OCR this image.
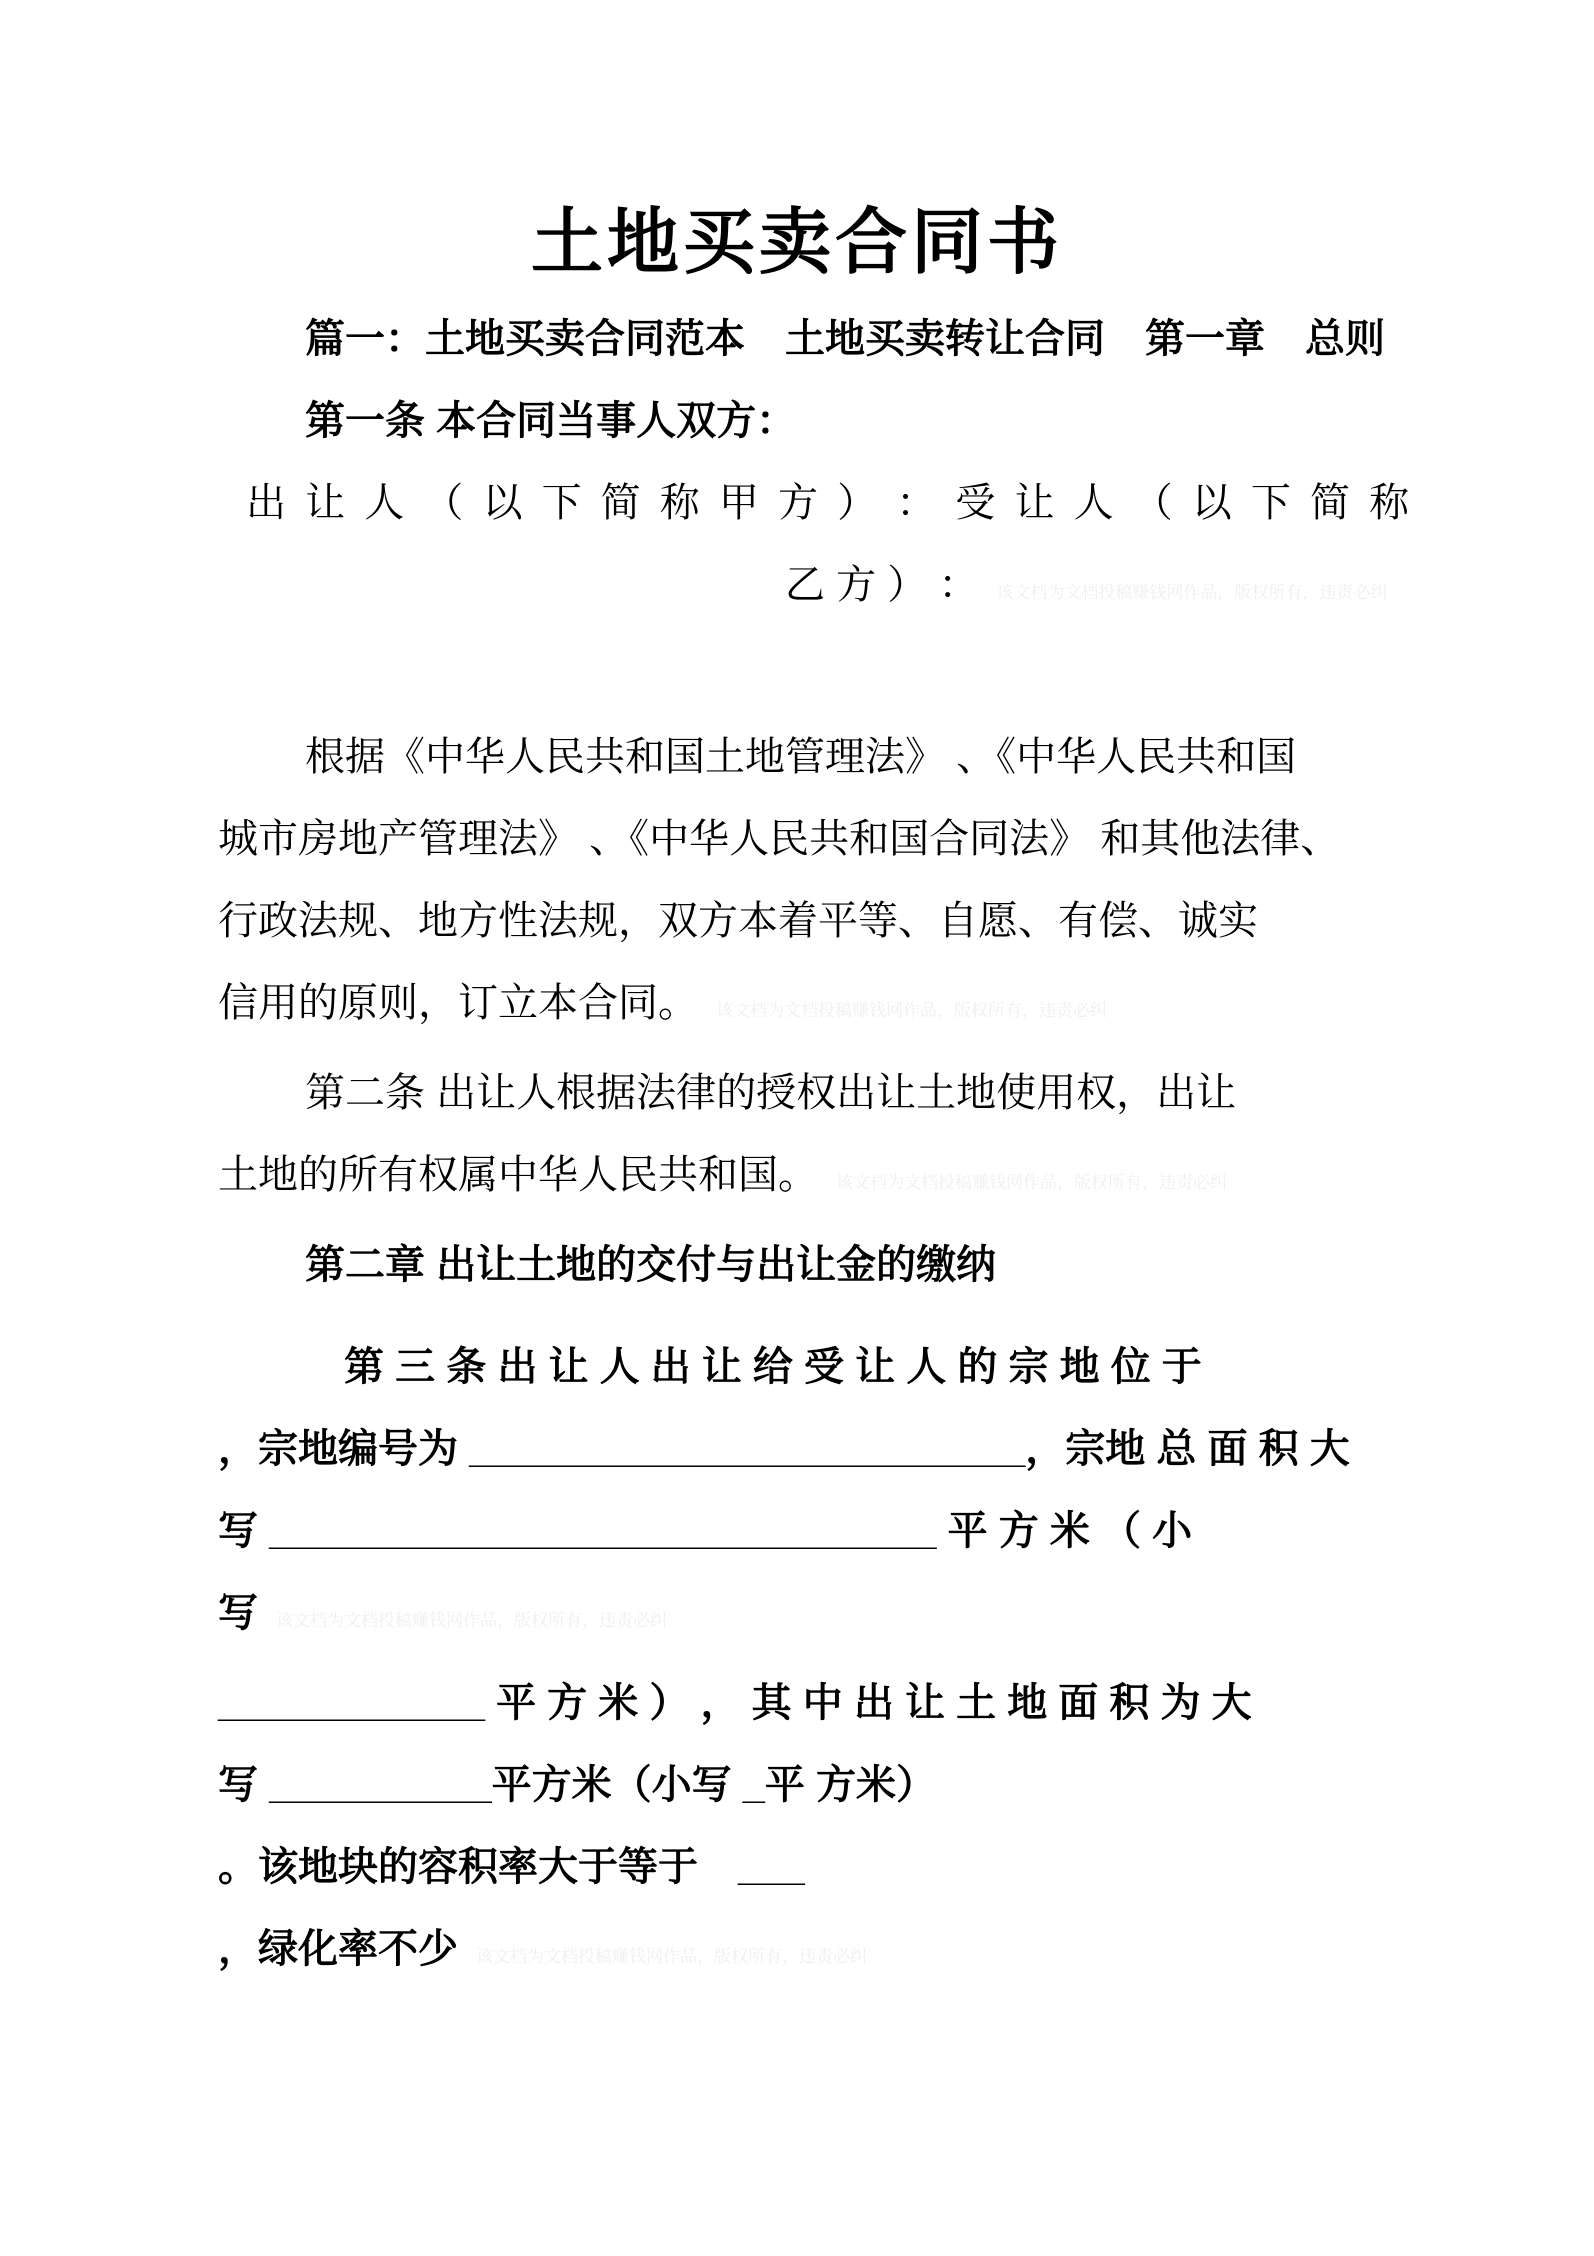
土地买卖合同书
篇一：土地买卖合同范本　土地买卖转让合同　第一章　总则
第一条 本合同当事人双方：
出 让 人 （ 以 下 简 称 甲 方 ） ： 受 让 人 （ 以 下 简 称
乙 方 ） ： 该文档为文档投稿赚钱网作品，版权所有，违责必纠
根据《中华人民共和国土地管理法》 、《中华人民共和国
城市房地产管理法》 、《中华人民共和国合同法》 和其他法律、
行政法规、地方性法规，双方本着平等、自愿、有偿、诚实
信用的原则，订立本合同。 该文档为文档投稿赚钱网作品，版权所有，违责必纠
第二条 出让人根据法律的授权出让土地使用权，出让
土地的所有权属中华人民共和国。 该文档为文档投稿赚钱网作品，版权所有，违责必纠
第二章 出让土地的交付与出让金的缴纳
第 三 条 出 让 人 出 让 给 受 让 人 的 宗 地 位 于
，宗地编号为 _________________________，宗地 总 面 积 大
写 ______________________________ 平 方 米 （ 小
写 该文档为文档投稿赚钱网作品，版权所有，违责必纠
____________ 平 方 米 ） ， 其 中 出 让 土 地 面 积 为 大
写 __________平方米（小写 _平 方米）
。该地块的容积率大于等于　___
，绿化率不少 该文档为文档投稿赚钱网作品，版权所有，违责必纠
